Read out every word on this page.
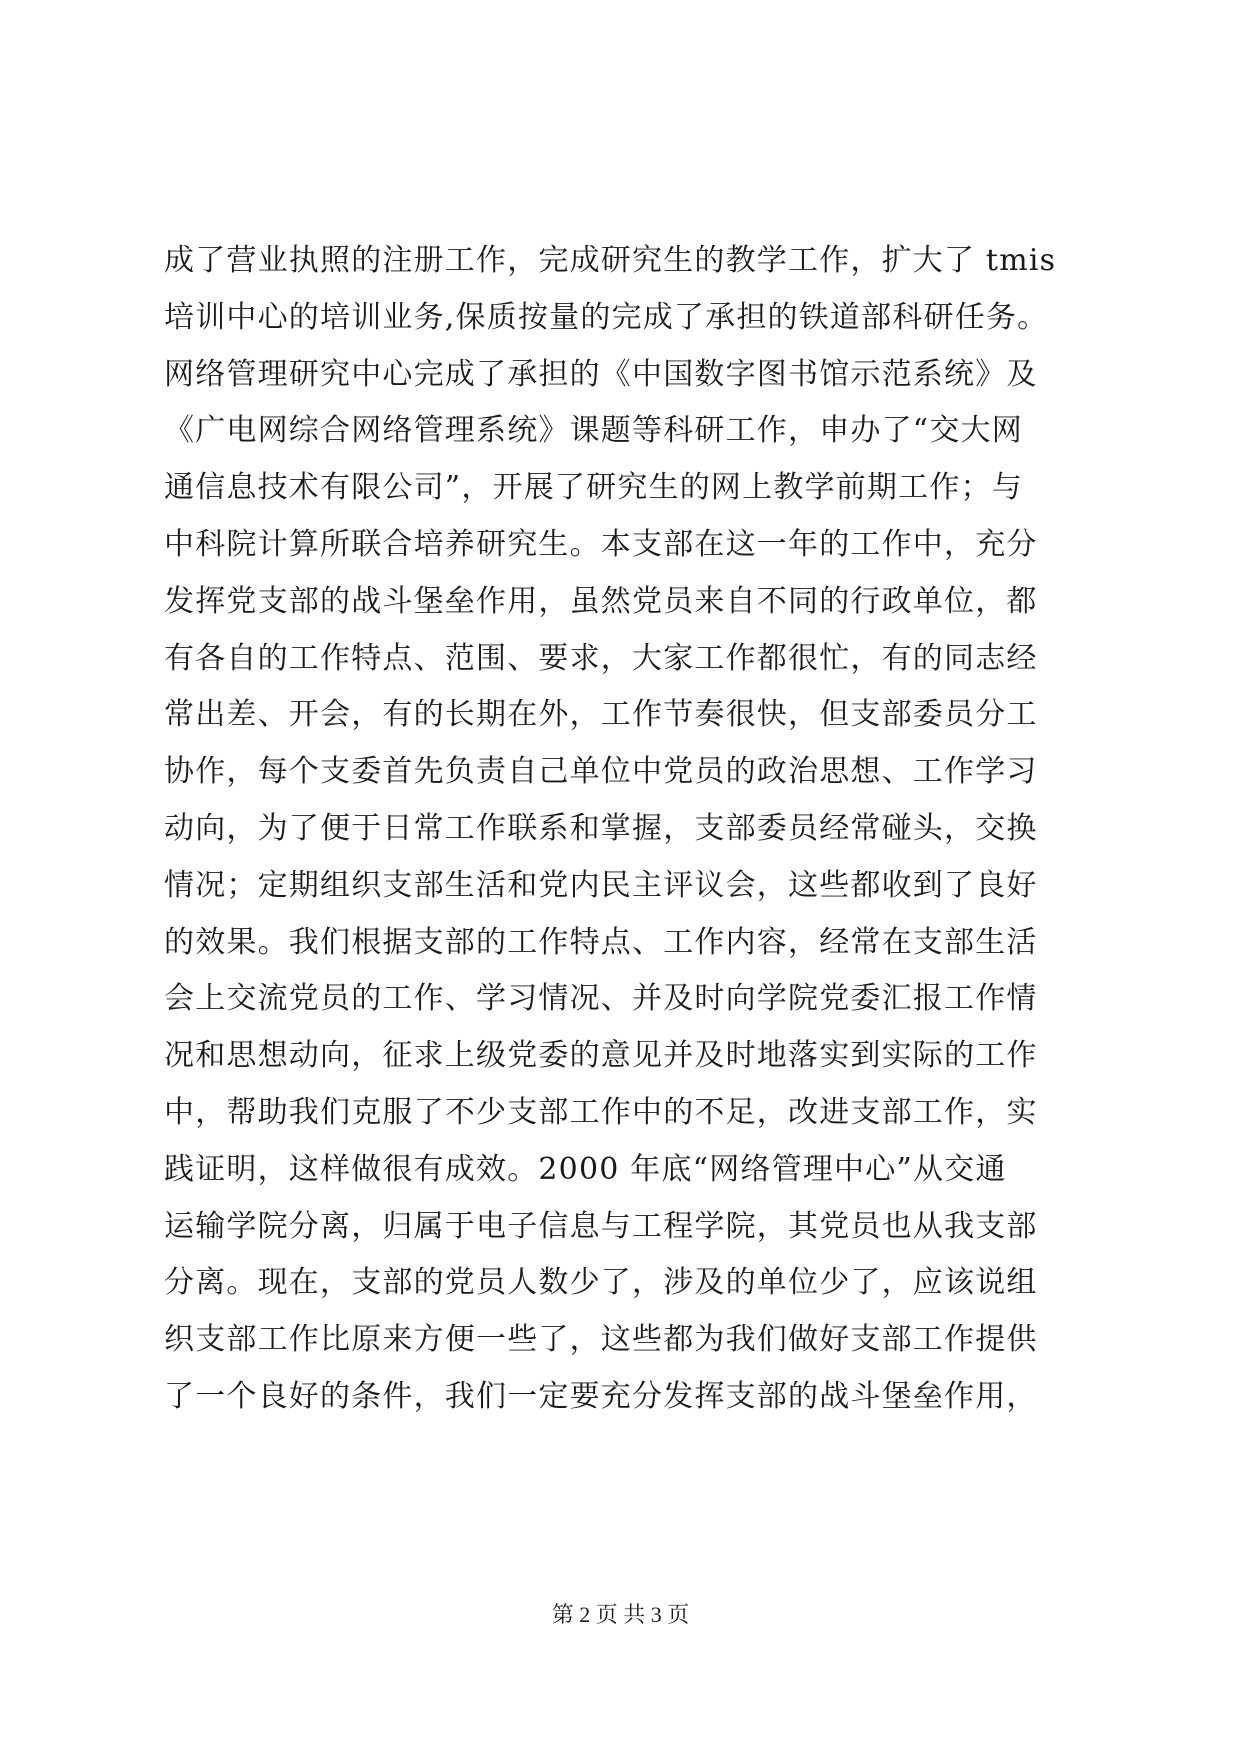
成了营业执照的注册工作，完成研究生的教学工作，扩大了 tmis
培训中心的培训业务,保质按量的完成了承担的铁道部科研任务。
网络管理研究中心完成了承担的《中国数字图书馆示范系统》及
《广电网综合网络管理系统》课题等科研工作，申办了“交大网
通信息技术有限公司”，开展了研究生的网上教学前期工作；与
中科院计算所联合培养研究生。本支部在这一年的工作中，充分
发挥党支部的战斗堡垒作用，虽然党员来自不同的行政单位，都
有各自的工作特点、范围、要求，大家工作都很忙，有的同志经
常出差、开会，有的长期在外，工作节奏很快，但支部委员分工
协作，每个支委首先负责自己单位中党员的政治思想、工作学习
动向，为了便于日常工作联系和掌握，支部委员经常碰头，交换
情况；定期组织支部生活和党内民主评议会，这些都收到了良好
的效果。我们根据支部的工作特点、工作内容，经常在支部生活
会上交流党员的工作、学习情况、并及时向学院党委汇报工作情
况和思想动向，征求上级党委的意见并及时地落实到实际的工作
中，帮助我们克服了不少支部工作中的不足，改进支部工作，实
践证明，这样做很有成效。2000 年底“网络管理中心”从交通
运输学院分离，归属于电子信息与工程学院，其党员也从我支部
分离。现在，支部的党员人数少了，涉及的单位少了，应该说组
织支部工作比原来方便一些了，这些都为我们做好支部工作提供
了一个良好的条件，我们一定要充分发挥支部的战斗堡垒作用，
第 2 页 共 3 页
